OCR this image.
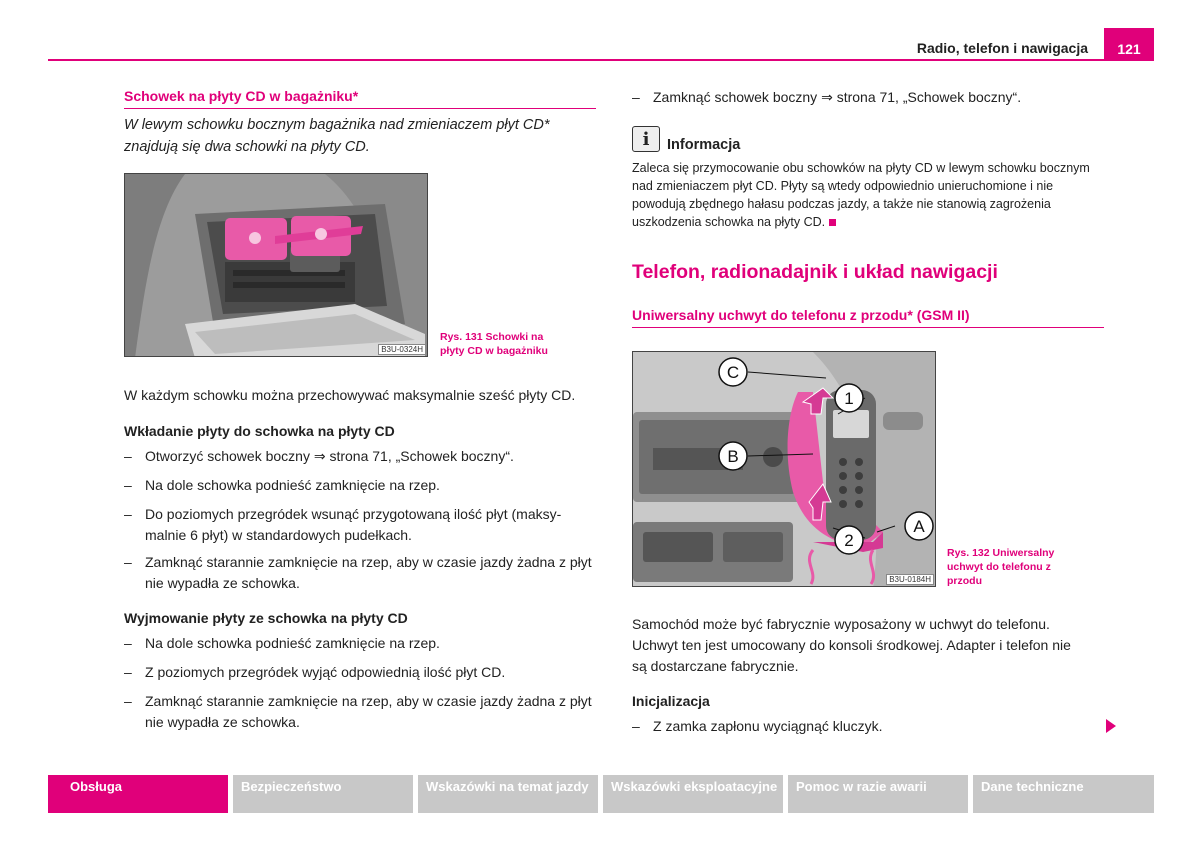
Radio, telefon i nawigacja	121
Schowek na płyty CD w bagażniku*
W lewym schowku bocznym bagażnika nad zmieniaczem płyt CD* znajdują się dwa schowki na płyty CD.
B3U-0324H
Rys. 131 Schowki na
płyty CD w bagażniku
W każdym schowku można przechowywać maksymalnie sześć płyty CD.
Wkładanie płyty do schowka na płyty CD
– Otworzyć schowek boczny ⇒ strona 71, „Schowek boczny“.
– Na dole schowka podnieść zamknięcie na rzep.
– Do poziomych przegródek wsunąć przygotowaną ilość płyt (maksy-
malnie 6 płyt) w standardowych pudełkach.
– Zamknąć starannie zamknięcie na rzep, aby w czasie jazdy żadna z płyt
nie wypadła ze schowka.
Wyjmowanie płyty ze schowka na płyty CD
– Na dole schowka podnieść zamknięcie na rzep.
– Z poziomych przegródek wyjąć odpowiednią ilość płyt CD.
– Zamknąć starannie zamknięcie na rzep, aby w czasie jazdy żadna z płyt
nie wypadła ze schowka.
– Zamknąć schowek boczny ⇒ strona 71, „Schowek boczny“.
i	Informacja
Zaleca się przymocowanie obu schowków na płyty CD w lewym schowku bocznym
nad zmieniaczem płyt CD. Płyty są wtedy odpowiednio unieruchomione i nie
powodują zbędnego hałasu podczas jazdy, a także nie stanowią zagrożenia
uszkodzenia schowka na płyty CD.
Telefon, radionadajnik i układ nawigacji
Uniwersalny uchwyt do telefonu z przodu* (GSM II)
C
1
B
A
2
B3U-0184H
Rys. 132 Uniwersalny
uchwyt do telefonu z
przodu
Samochód może być fabrycznie wyposażony w uchwyt do telefonu.
Uchwyt ten jest umocowany do konsoli środkowej. Adapter i telefon nie
są dostarczane fabrycznie.
Inicjalizacja
– Z zamka zapłonu wyciągnąć kluczyk.
Obsługa	Bezpieczeństwo	Wskazówki na temat jazdy	Wskazówki eksploatacyjne	Pomoc w razie awarii	Dane techniczne
